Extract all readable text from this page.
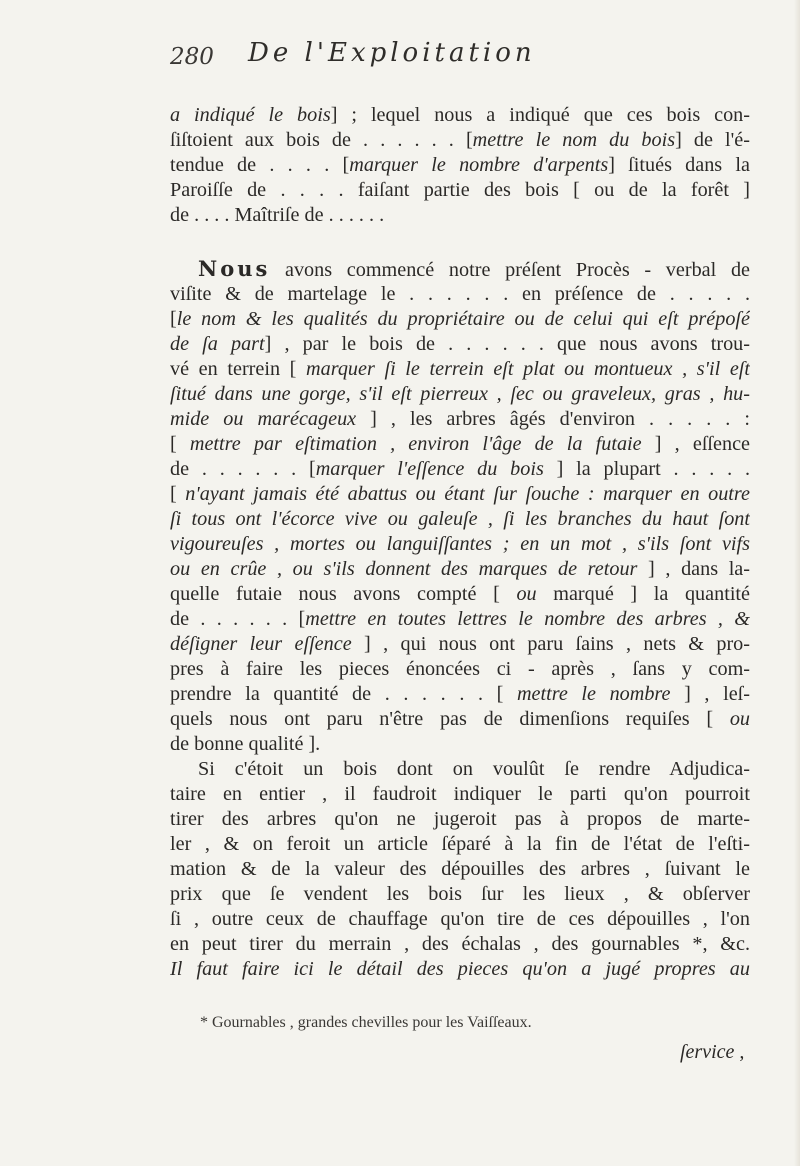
280 De l'Exploitation
a indiqué le bois] ; lequel nous a indiqué que ces bois con-
ſiſtoient aux bois de . . . . . . [mettre le nom du bois] de l'é-
tendue de . . . . [marquer le nombre d'arpents] ſitués dans la
Paroiſſe de . . . . faiſant partie des bois [ ou de la forêt ]
de . . . . Maîtriſe de . . . . . .
Nous avons commencé notre préſent Procès - verbal de
viſite & de martelage le . . . . . . en préſence de . . . . .
[le nom & les qualités du propriétaire ou de celui qui eſt prépoſé
de ſa part] , par le bois de . . . . . . que nous avons trou-
vé en terrein [ marquer ſi le terrein eſt plat ou montueux , s'il eſt
ſitué dans une gorge, s'il eſt pierreux , ſec ou graveleux, gras , hu-
mide ou marécageux ] , les arbres âgés d'environ . . . . . :
[ mettre par eſtimation , environ l'âge de la futaie ] , eſſence
de . . . . . . [marquer l'eſſence du bois ] la plupart . . . . .
[ n'ayant jamais été abattus ou étant ſur ſouche : marquer en outre
ſi tous ont l'écorce vive ou galeuſe , ſi les branches du haut ſont
vigoureuſes , mortes ou languiſſantes ; en un mot , s'ils ſont vifs
ou en crûe , ou s'ils donnent des marques de retour ] , dans la-
quelle futaie nous avons compté [ ou marqué ] la quantité
de . . . . . . [mettre en toutes lettres le nombre des arbres , &
déſigner leur eſſence ] , qui nous ont paru ſains , nets & pro-
pres à faire les pieces énoncées ci - après , ſans y com-
prendre la quantité de . . . . . . [ mettre le nombre ] , leſ-
quels nous ont paru n'être pas de dimenſions requiſes [ ou
de bonne qualité ].
Si c'étoit un bois dont on voulût ſe rendre Adjudica-
taire en entier , il faudroit indiquer le parti qu'on pourroit
tirer des arbres qu'on ne jugeroit pas à propos de marte-
ler , & on feroit un article ſéparé à la fin de l'état de l'eſti-
mation & de la valeur des dépouilles des arbres , ſuivant le
prix que ſe vendent les bois ſur les lieux , & obſerver
ſi , outre ceux de chauffage qu'on tire de ces dépouilles , l'on
en peut tirer du merrain , des échalas , des gournables *, &c.
Il faut faire ici le détail des pieces qu'on a jugé propres au
* Gournables , grandes chevilles pour les Vaiſſeaux.
ſervice ,
